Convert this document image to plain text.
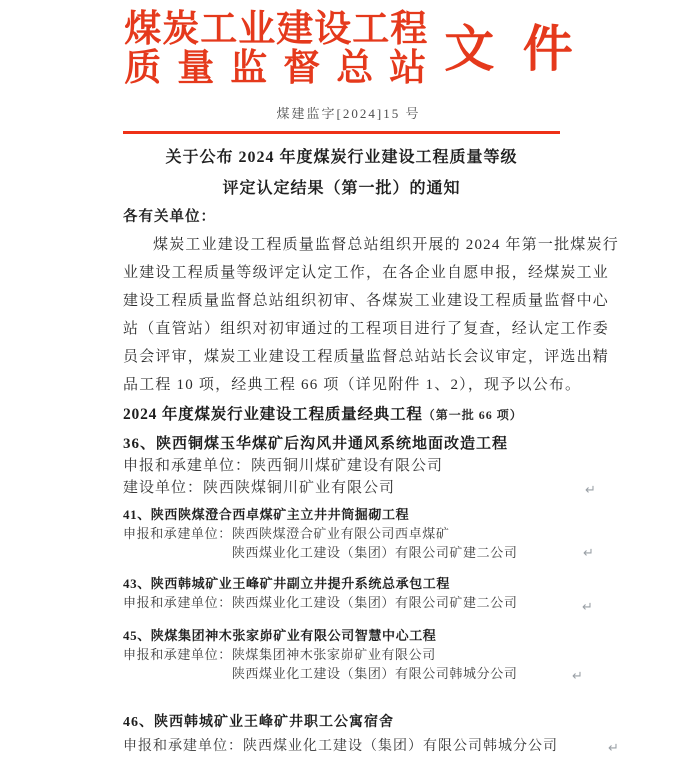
煤炭工业建设工程
质量监督总站 文 件
煤建监字[2024]15 号
关于公布 2024 年度煤炭行业建设工程质量等级
评定认定结果（第一批）的通知
各有关单位：
煤炭工业建设工程质量监督总站组织开展的 2024 年第一批煤炭行
业建设工程质量等级评定认定工作，在各企业自愿申报，经煤炭工业
建设工程质量监督总站组织初审、各煤炭工业建设工程质量监督中心
站（直管站）组织对初审通过的工程项目进行了复查，经认定工作委
员会评审，煤炭工业建设工程质量监督总站站长会议审定，评选出精
品工程 10 项，经典工程 66 项（详见附件 1、2），现予以公布。
2024 年度煤炭行业建设工程质量经典工程（第一批 66 项）
36、陕西铜煤玉华煤矿后沟风井通风系统地面改造工程
申报和承建单位： 陕西铜川煤矿建设有限公司
建设单位： 陕西陕煤铜川矿业有限公司	↵
41、陕西陕煤澄合西卓煤矿主立井井筒掘砌工程
申报和承建单位： 陕西陕煤澄合矿业有限公司西卓煤矿
陕西煤业化工建设（集团）有限公司矿建二公司	↵
43、陕西韩城矿业王峰矿井副立井提升系统总承包工程
申报和承建单位： 陕西煤业化工建设（集团）有限公司矿建二公司	↵
45、陕煤集团神木张家峁矿业有限公司智慧中心工程
申报和承建单位： 陕煤集团神木张家峁矿业有限公司
陕西煤业化工建设（集团）有限公司韩城分公司	↵
46、陕西韩城矿业王峰矿井职工公寓宿舍
申报和承建单位： 陕西煤业化工建设（集团）有限公司韩城分公司	↵
